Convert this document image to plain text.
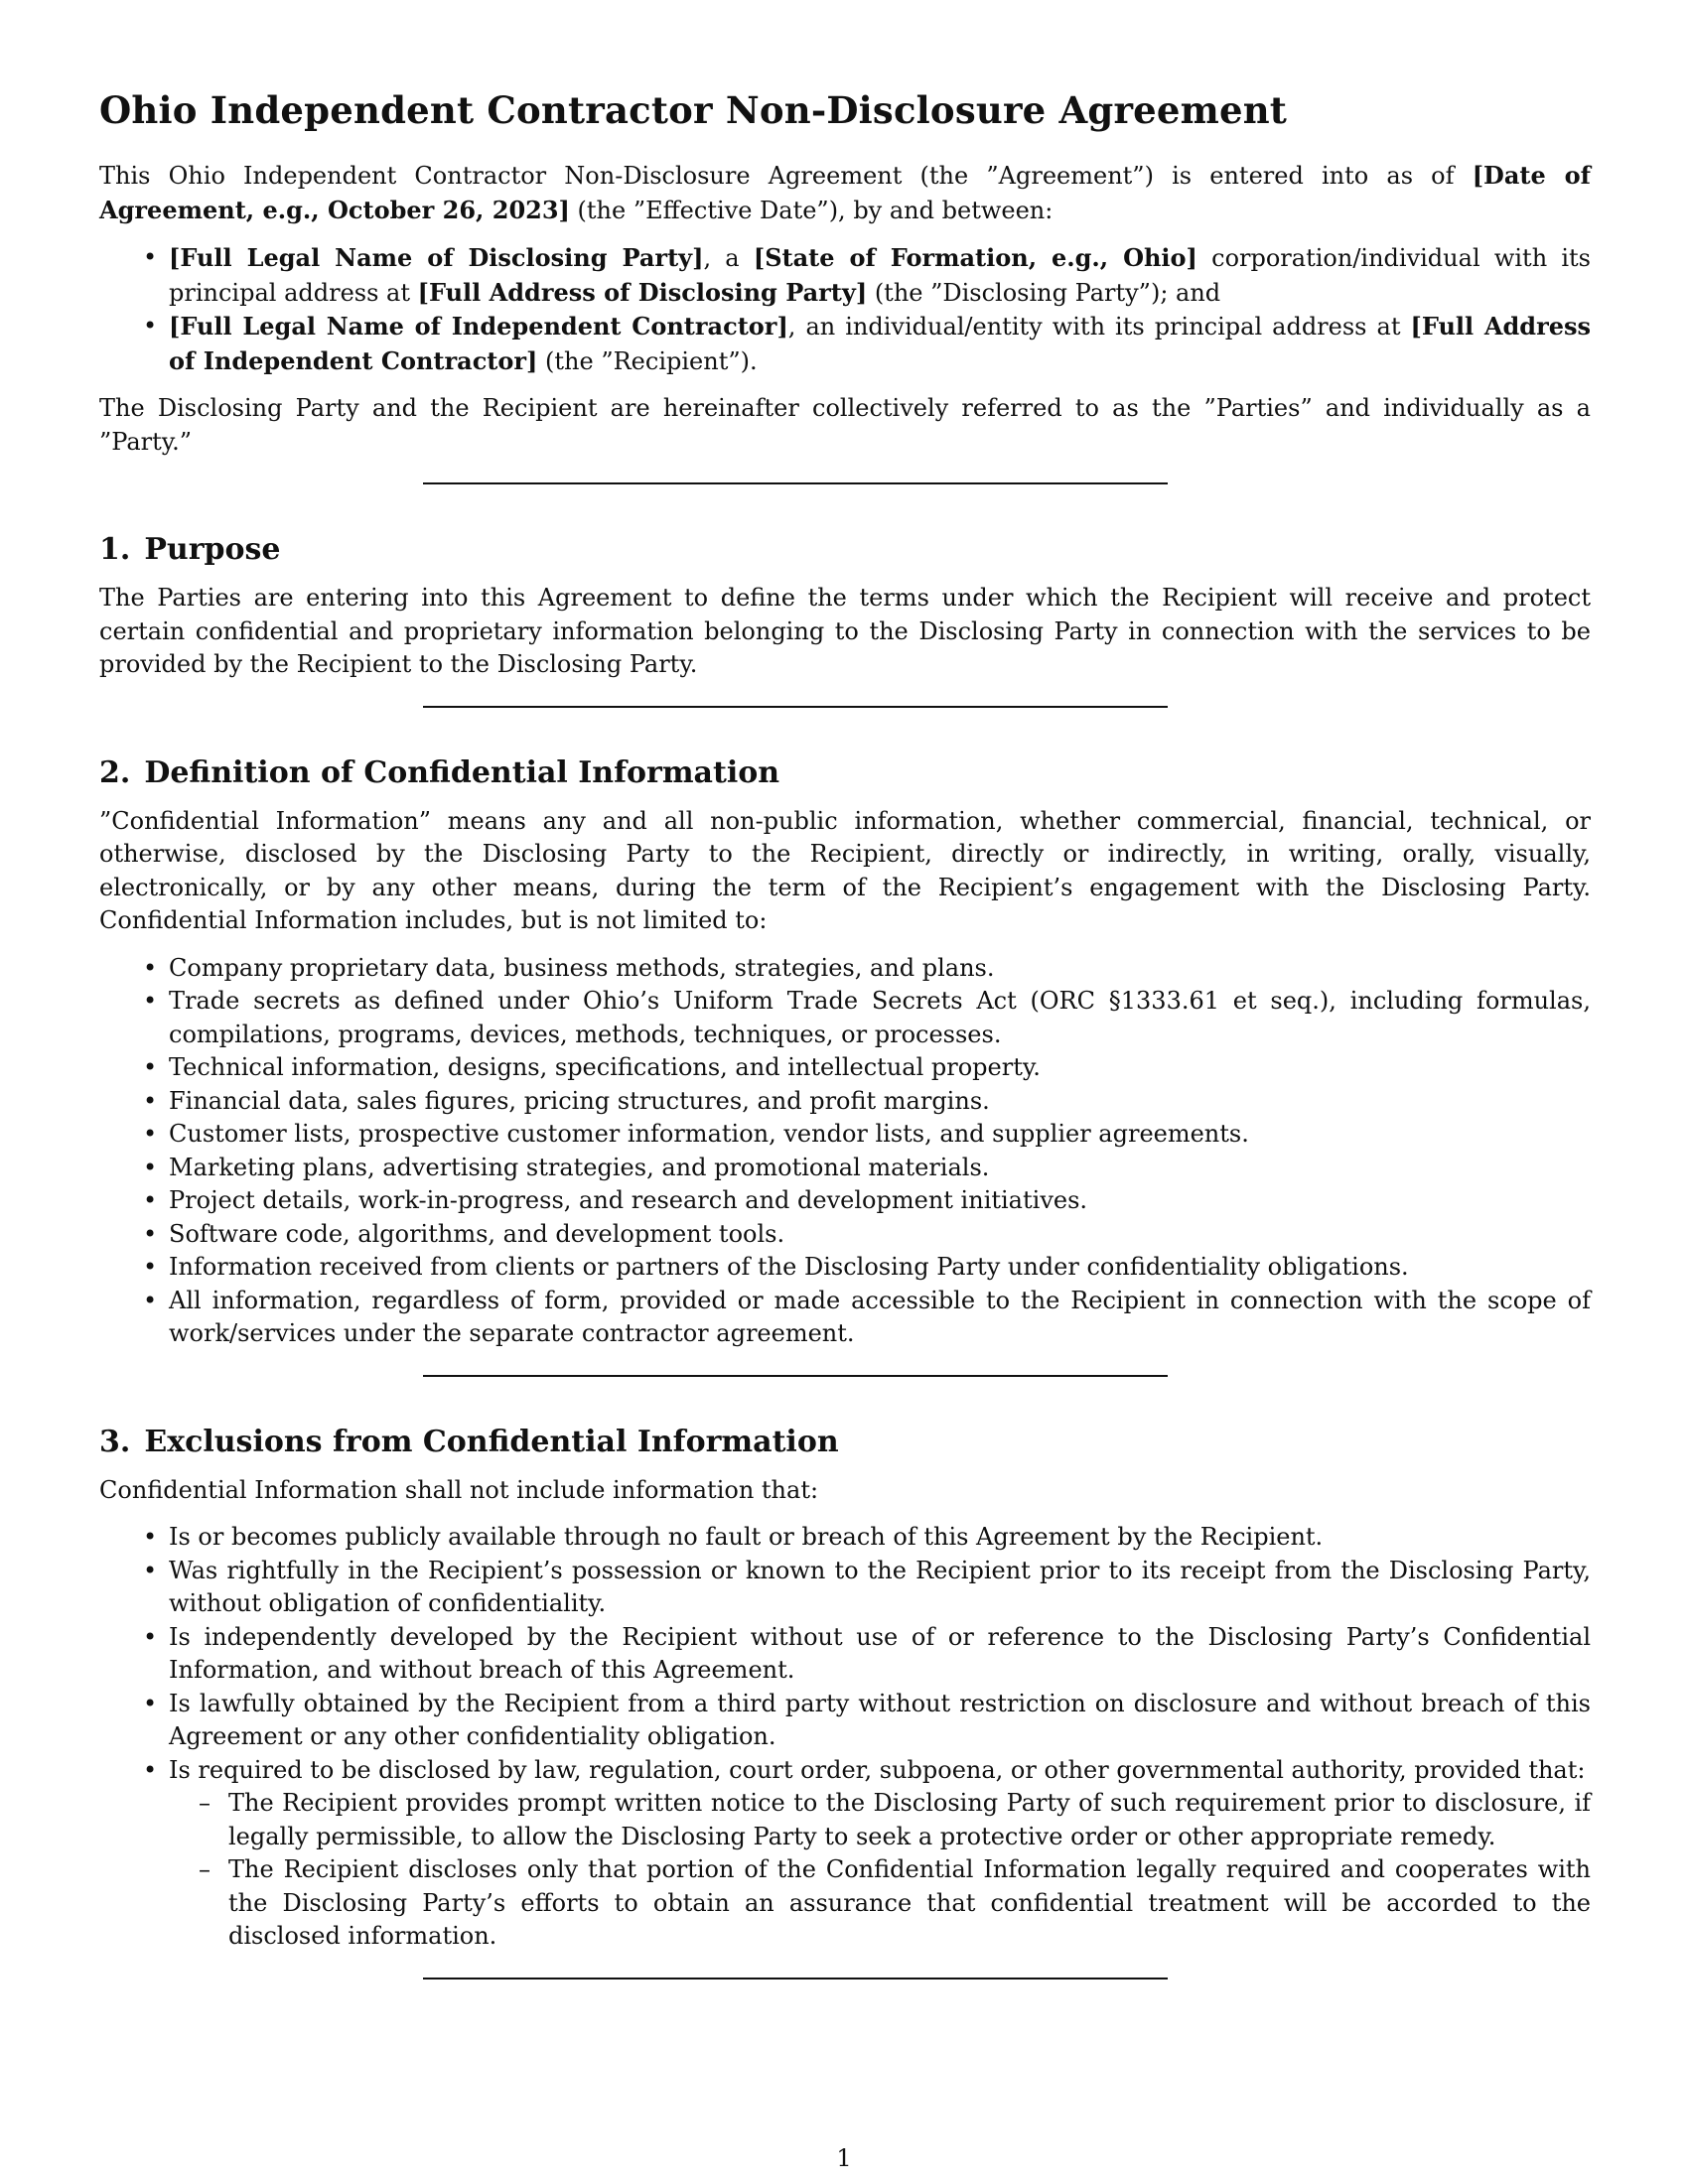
Ohio Independent Contractor Non-Disclosure Agreement

This Ohio Independent Contractor Non-Disclosure Agreement (the ”Agreement”) is entered into as of [Date of Agreement, e.g., October 26, 2023] (the ”Effective Date”), by and between:

• [Full Legal Name of Disclosing Party], a [State of Formation, e.g., Ohio] corporation/individual with its principal address at [Full Address of Disclosing Party] (the ”Disclosing Party”); and
• [Full Legal Name of Independent Contractor], an individual/entity with its principal address at [Full Address of Independent Contractor] (the ”Recipient”).

The Disclosing Party and the Recipient are hereinafter collectively referred to as the ”Parties” and individually as a ”Party.”

1. Purpose

The Parties are entering into this Agreement to define the terms under which the Recipient will receive and protect certain confidential and proprietary information belonging to the Disclosing Party in connection with the services to be provided by the Recipient to the Disclosing Party.

2. Definition of Confidential Information

”Confidential Information” means any and all non-public information, whether commercial, financial, technical, or otherwise, disclosed by the Disclosing Party to the Recipient, directly or indirectly, in writing, orally, visually, electronically, or by any other means, during the term of the Recipient’s engagement with the Disclosing Party. Confidential Information includes, but is not limited to:

• Company proprietary data, business methods, strategies, and plans.
• Trade secrets as defined under Ohio’s Uniform Trade Secrets Act (ORC §1333.61 et seq.), including formulas, compilations, programs, devices, methods, techniques, or processes.
• Technical information, designs, specifications, and intellectual property.
• Financial data, sales figures, pricing structures, and profit margins.
• Customer lists, prospective customer information, vendor lists, and supplier agreements.
• Marketing plans, advertising strategies, and promotional materials.
• Project details, work-in-progress, and research and development initiatives.
• Software code, algorithms, and development tools.
• Information received from clients or partners of the Disclosing Party under confidentiality obligations.
• All information, regardless of form, provided or made accessible to the Recipient in connection with the scope of work/services under the separate contractor agreement.
3. Exclusions from Confidential Information

Confidential Information shall not include information that:

• Is or becomes publicly available through no fault or breach of this Agreement by the Recipient.
• Was rightfully in the Recipient’s possession or known to the Recipient prior to its receipt from the Disclosing Party, without obligation of confidentiality.
• Is independently developed by the Recipient without use of or reference to the Disclosing Party’s Confidential Information, and without breach of this Agreement.
• Is lawfully obtained by the Recipient from a third party without restriction on disclosure and without breach of this Agreement or any other confidentiality obligation.
• Is required to be disclosed by law, regulation, court order, subpoena, or other governmental authority, provided that:
– The Recipient provides prompt written notice to the Disclosing Party of such requirement prior to disclosure, if legally permissible, to allow the Disclosing Party to seek a protective order or other appropriate remedy.
– The Recipient discloses only that portion of the Confidential Information legally required and cooperates with the Disclosing Party’s efforts to obtain an assurance that confidential treatment will be accorded to the disclosed information.
1
